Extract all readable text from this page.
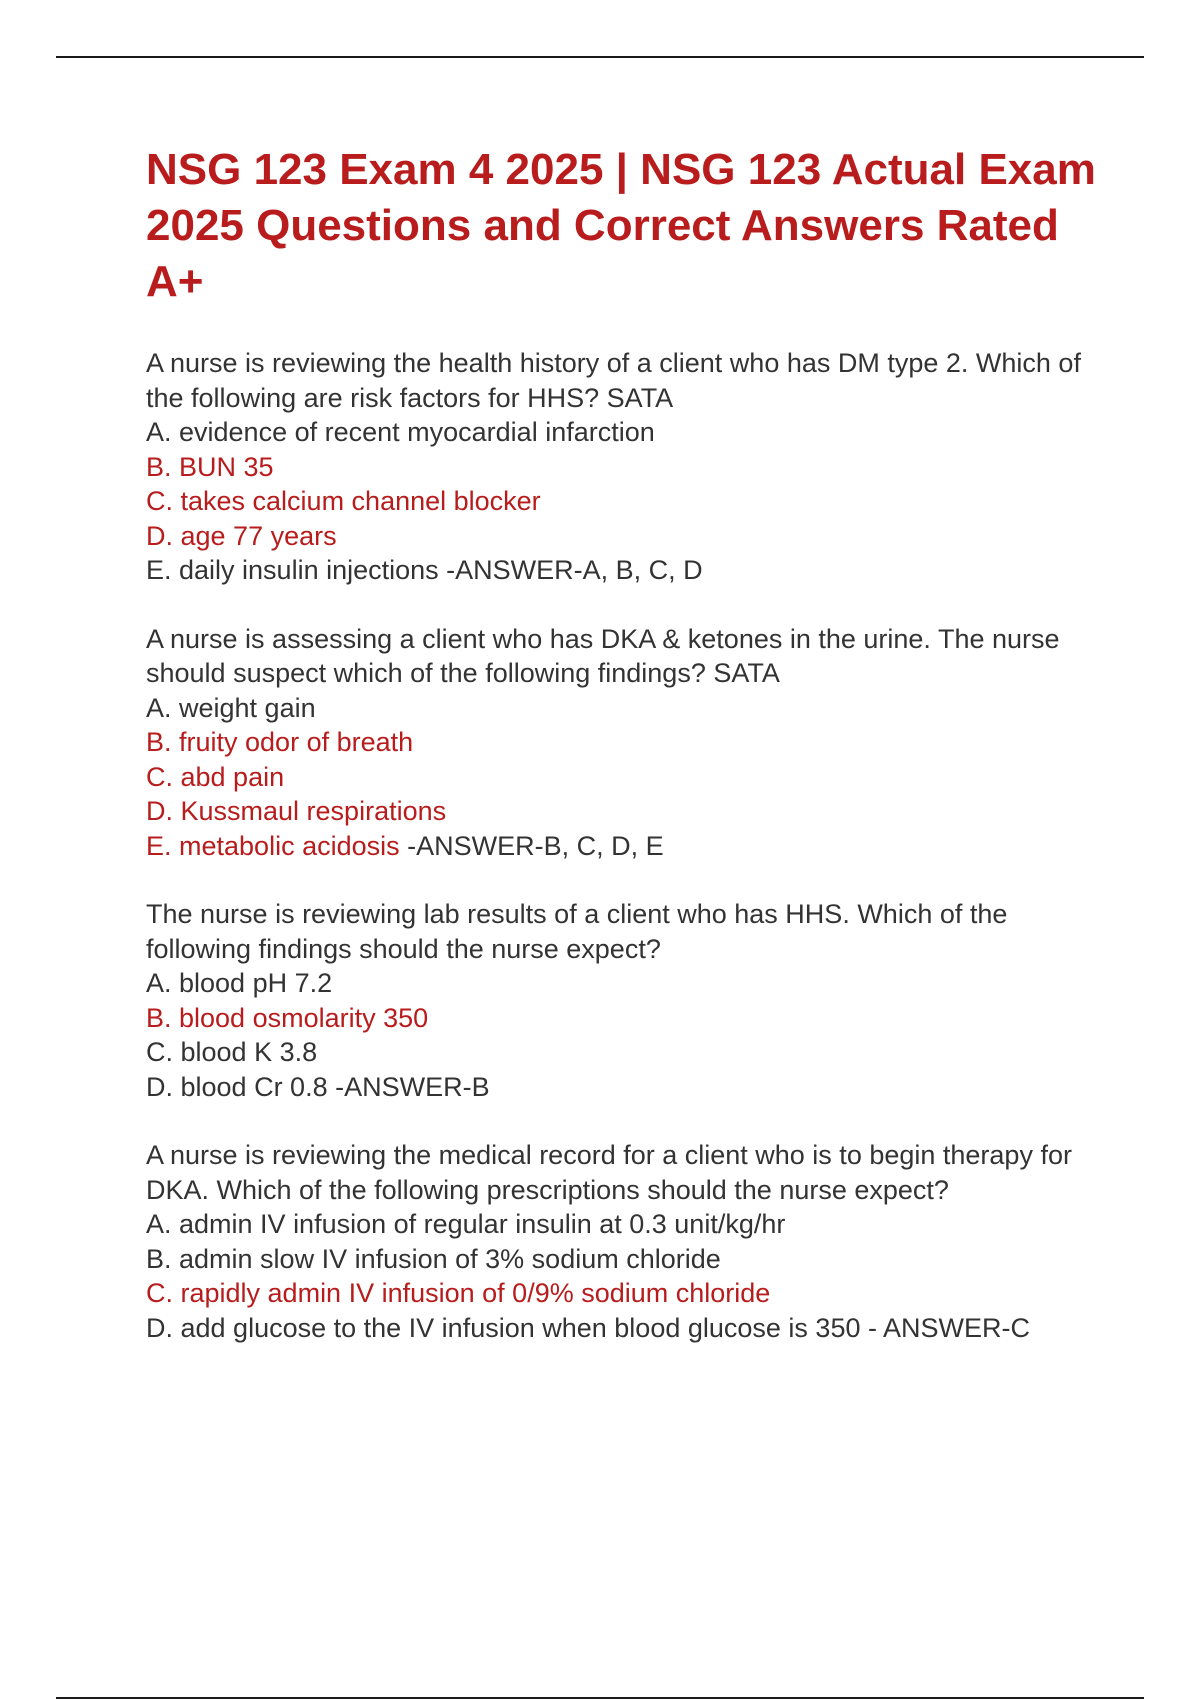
NSG 123 Exam 4 2025 | NSG 123 Actual Exam 2025 Questions and Correct Answers Rated A+
A nurse is reviewing the health history of a client who has DM type 2. Which of the following are risk factors for HHS? SATA
A. evidence of recent myocardial infarction
B. BUN 35
C. takes calcium channel blocker
D. age 77 years
E. daily insulin injections -ANSWER-A, B, C, D
A nurse is assessing a client who has DKA & ketones in the urine. The nurse should suspect which of the following findings? SATA
A. weight gain
B. fruity odor of breath
C. abd pain
D. Kussmaul respirations
E. metabolic acidosis -ANSWER-B, C, D, E
The nurse is reviewing lab results of a client who has HHS. Which of the following findings should the nurse expect?
A. blood pH 7.2
B. blood osmolarity 350
C. blood K 3.8
D. blood Cr 0.8 -ANSWER-B
A nurse is reviewing the medical record for a client who is to begin therapy for DKA. Which of the following prescriptions should the nurse expect?
A. admin IV infusion of regular insulin at 0.3 unit/kg/hr
B. admin slow IV infusion of 3% sodium chloride
C. rapidly admin IV infusion of 0/9% sodium chloride
D. add glucose to the IV infusion when blood glucose is 350 - ANSWER-C
